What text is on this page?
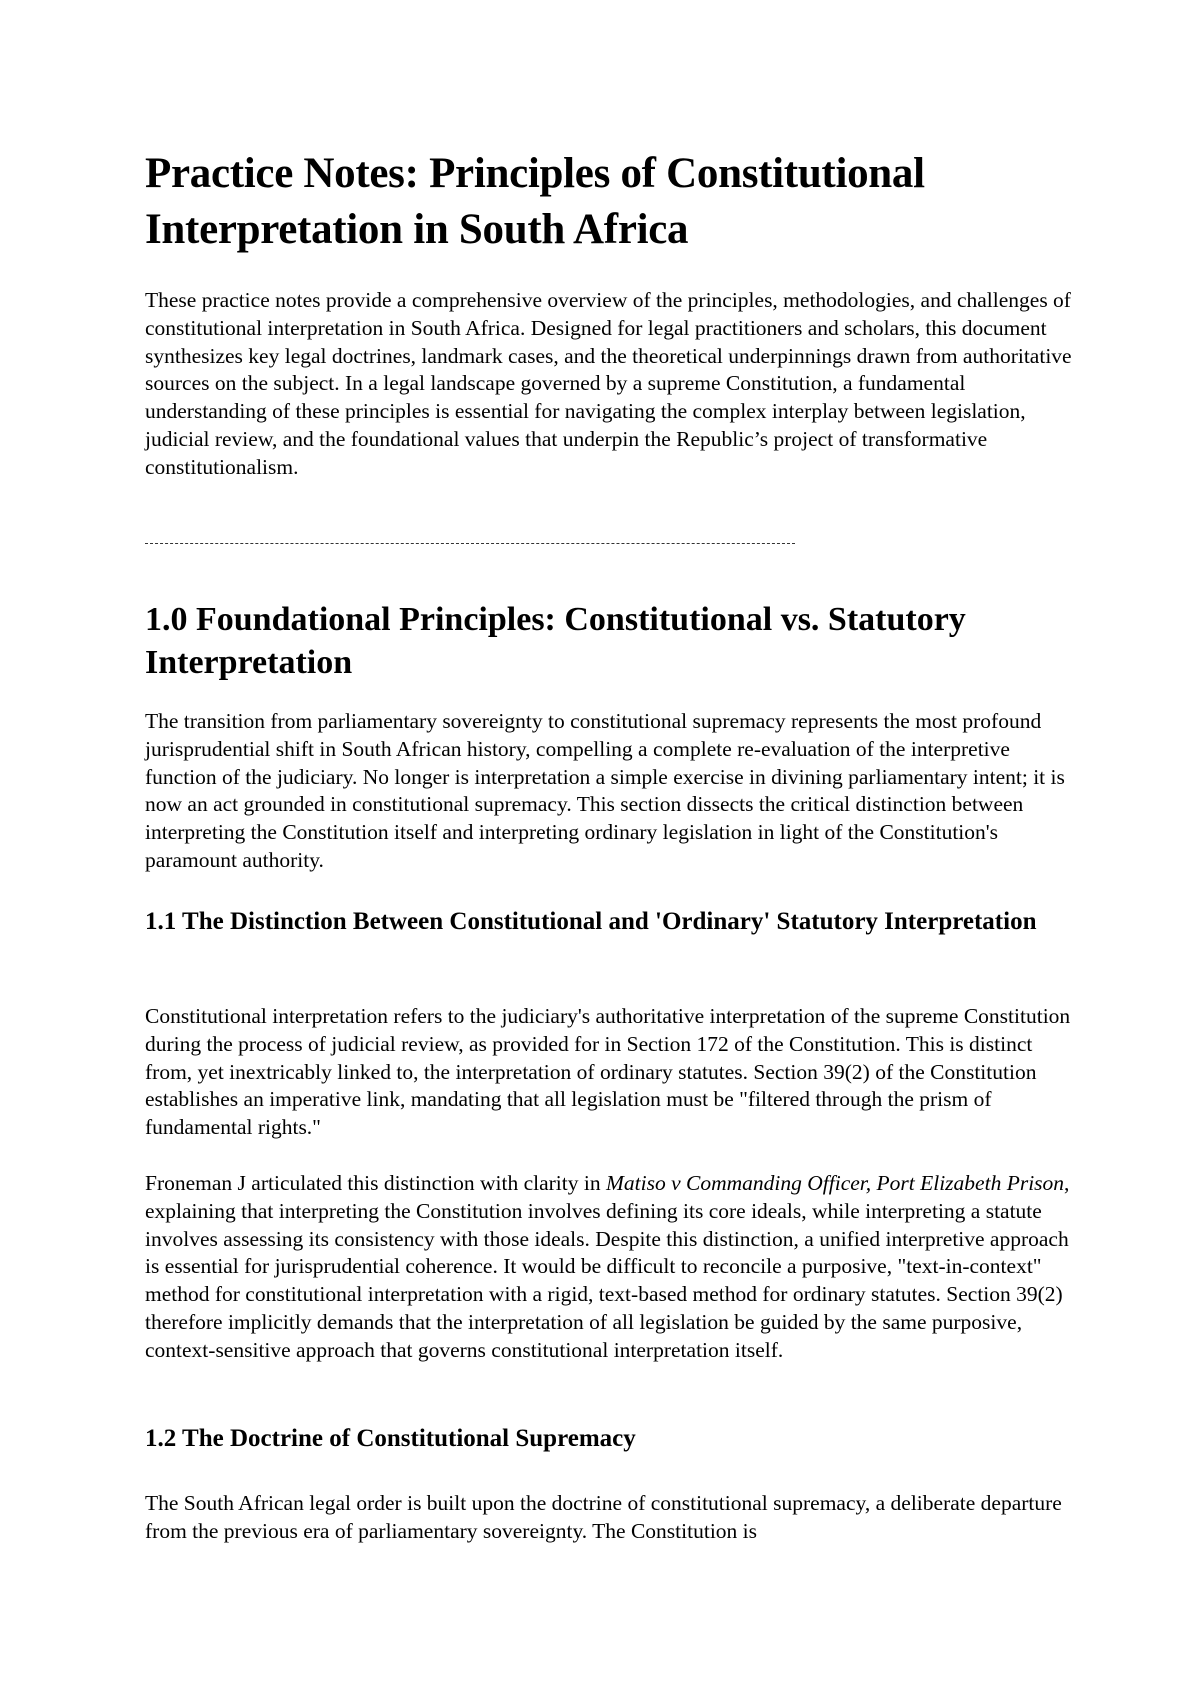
Practice Notes: Principles of Constitutional Interpretation in South Africa

These practice notes provide a comprehensive overview of the principles, methodologies, and challenges of constitutional interpretation in South Africa. Designed for legal practitioners and scholars, this document synthesizes key legal doctrines, landmark cases, and the theoretical underpinnings drawn from authoritative sources on the subject. In a legal landscape governed by a supreme Constitution, a fundamental understanding of these principles is essential for navigating the complex interplay between legislation, judicial review, and the foundational values that underpin the Republic’s project of transformative constitutionalism.

1.0 Foundational Principles: Constitutional vs. Statutory Interpretation

The transition from parliamentary sovereignty to constitutional supremacy represents the most profound jurisprudential shift in South African history, compelling a complete re-evaluation of the interpretive function of the judiciary. No longer is interpretation a simple exercise in divining parliamentary intent; it is now an act grounded in constitutional supremacy. This section dissects the critical distinction between interpreting the Constitution itself and interpreting ordinary legislation in light of the Constitution's paramount authority.

1.1 The Distinction Between Constitutional and 'Ordinary' Statutory Interpretation

Constitutional interpretation refers to the judiciary's authoritative interpretation of the supreme Constitution during the process of judicial review, as provided for in Section 172 of the Constitution. This is distinct from, yet inextricably linked to, the interpretation of ordinary statutes. Section 39(2) of the Constitution establishes an imperative link, mandating that all legislation must be "filtered through the prism of fundamental rights."

Froneman J articulated this distinction with clarity in Matiso v Commanding Officer, Port Elizabeth Prison, explaining that interpreting the Constitution involves defining its core ideals, while interpreting a statute involves assessing its consistency with those ideals. Despite this distinction, a unified interpretive approach is essential for jurisprudential coherence. It would be difficult to reconcile a purposive, "text-in-context" method for constitutional interpretation with a rigid, text-based method for ordinary statutes. Section 39(2) therefore implicitly demands that the interpretation of all legislation be guided by the same purposive, context-sensitive approach that governs constitutional interpretation itself.

1.2 The Doctrine of Constitutional Supremacy

The South African legal order is built upon the doctrine of constitutional supremacy, a deliberate departure from the previous era of parliamentary sovereignty. The Constitution is
